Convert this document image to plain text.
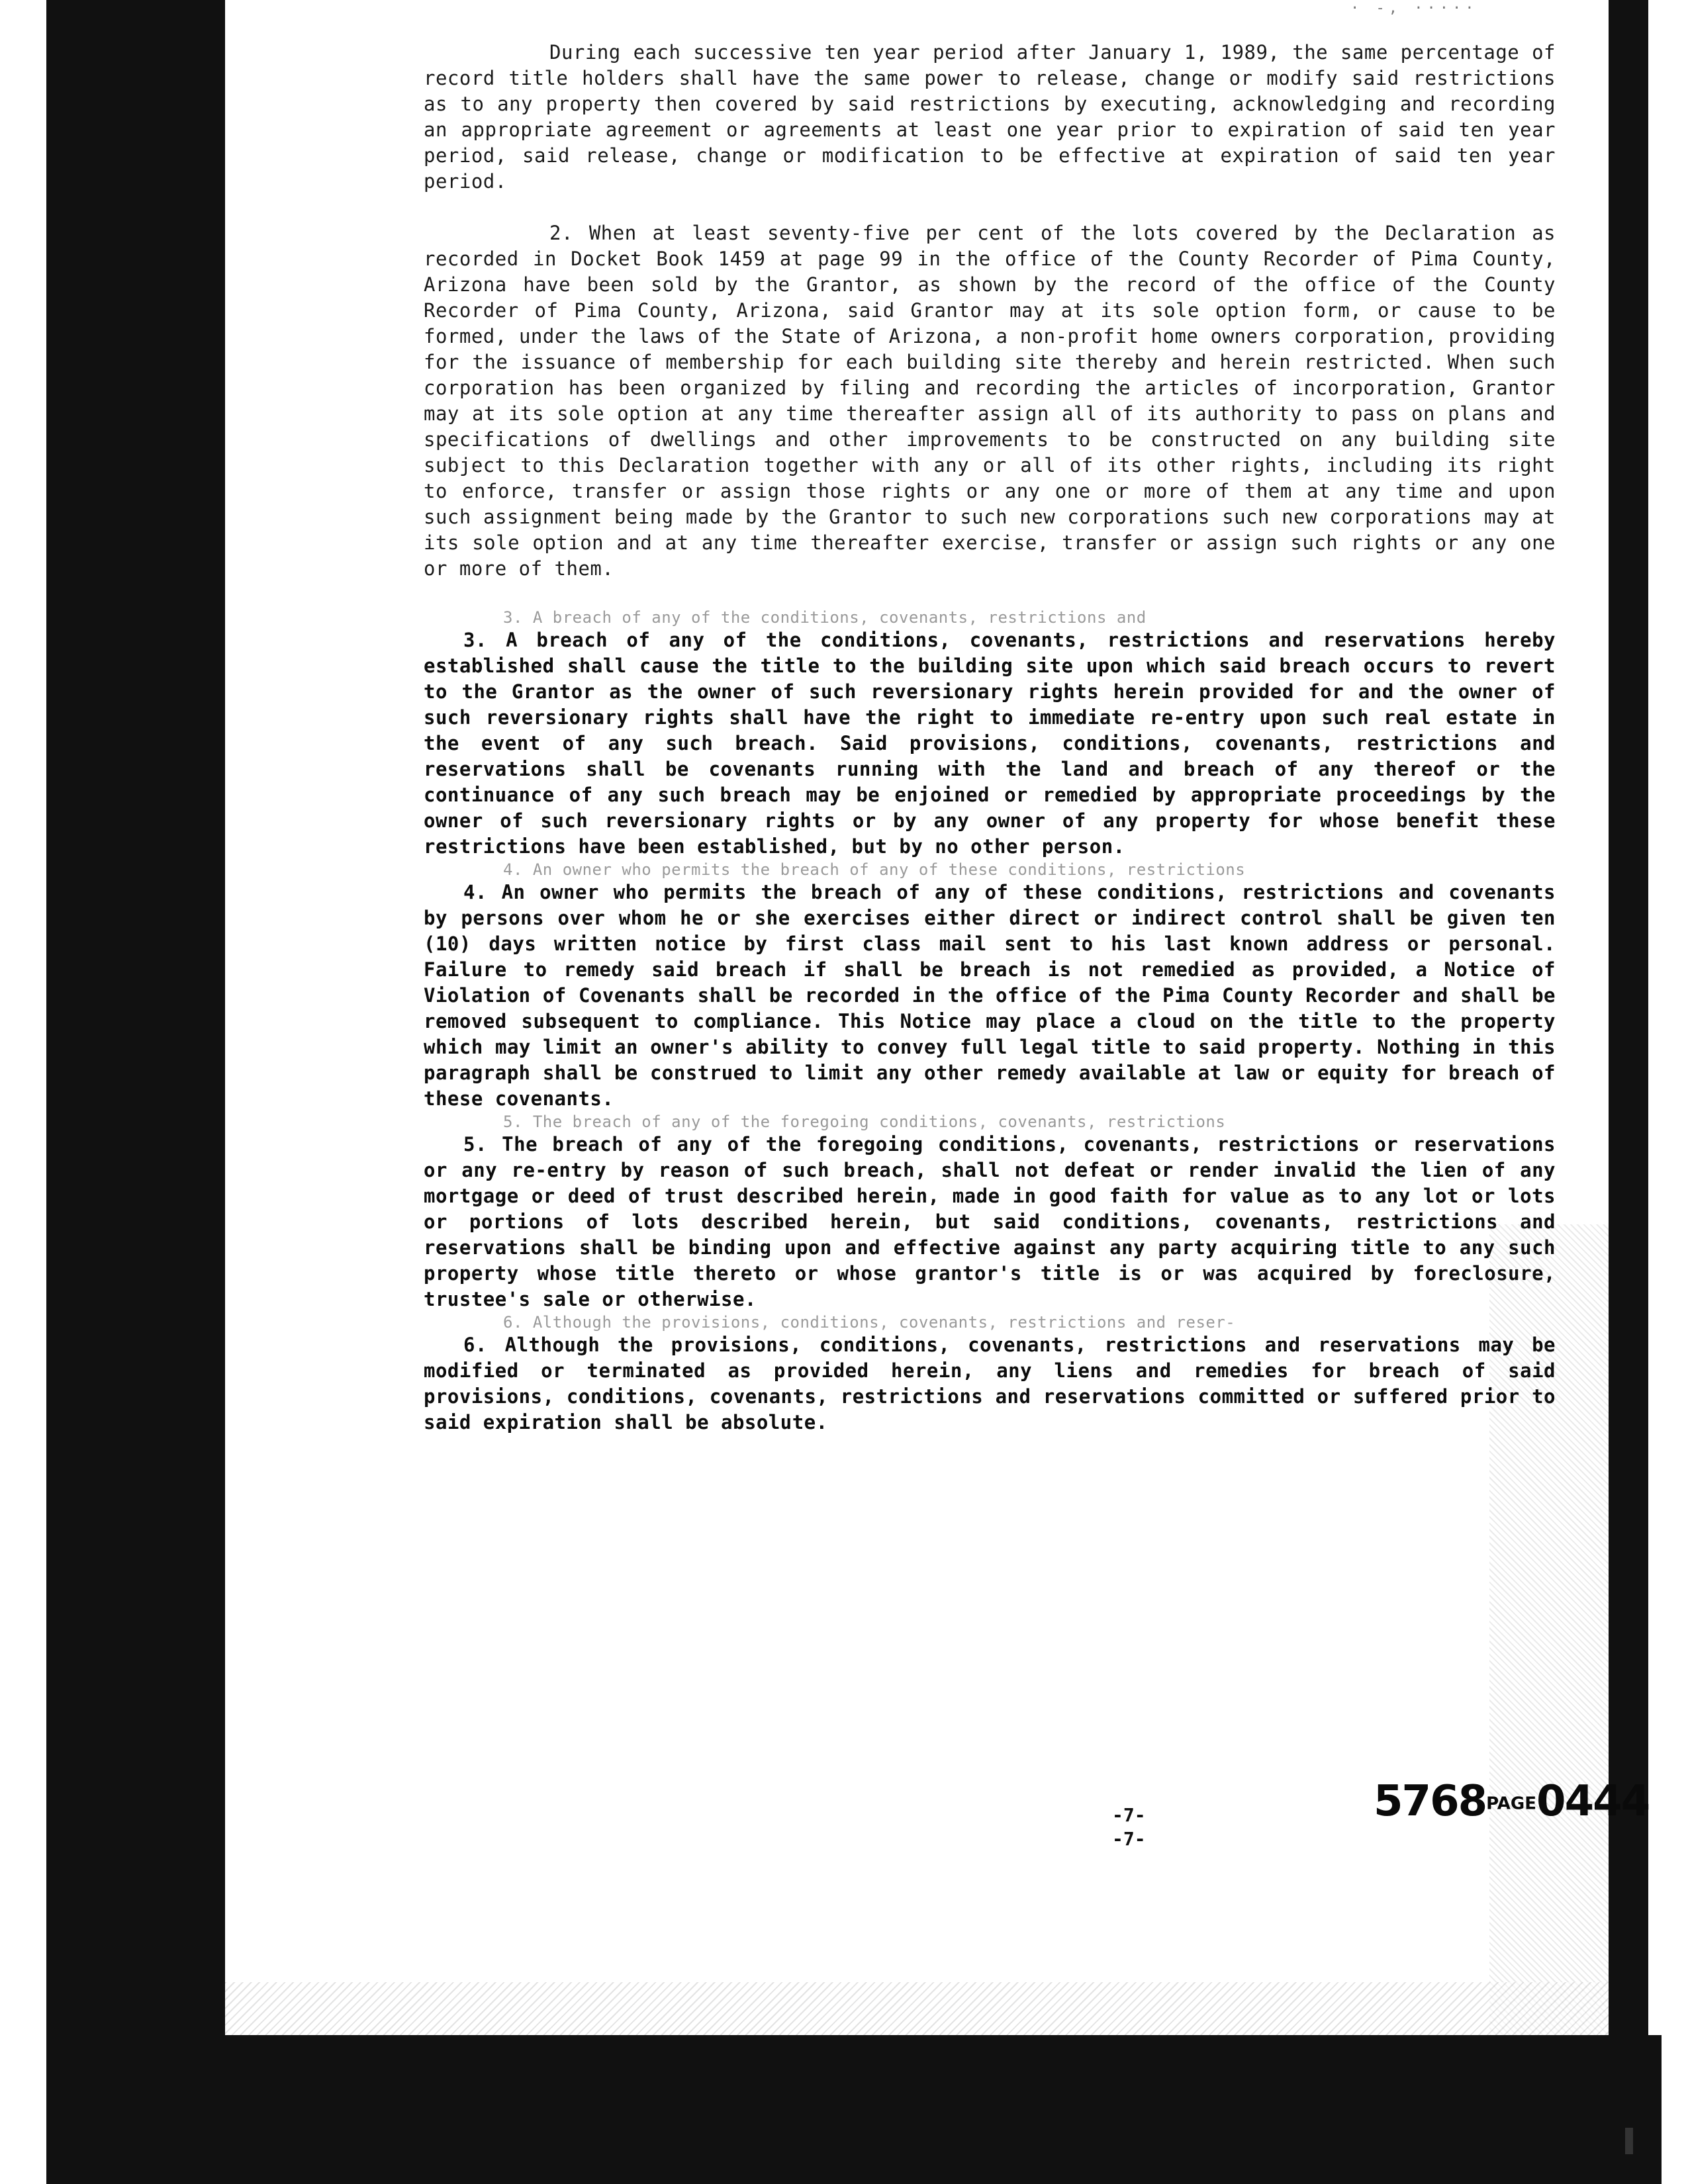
· -, ·····

During each successive ten year period after January 1, 1989, the same percentage of record title holders shall have the same power to release, change or modify said restrictions as to any property then covered by said restrictions by executing, acknowledging and recording an appropriate agreement or agreements at least one year prior to expiration of said ten year period, said release, change or modification to be effective at expiration of said ten year period.

2. When at least seventy-five per cent of the lots covered by the Declaration as recorded in Docket Book 1459 at page 99 in the office of the County Recorder of Pima County, Arizona have been sold by the Grantor, as shown by the record of the office of the County Recorder of Pima County, Arizona, said Grantor may at its sole option form, or cause to be formed, under the laws of the State of Arizona, a non-profit home owners corporation, providing for the issuance of membership for each building site thereby and herein restricted. When such corporation has been organized by filing and recording the articles of incorporation, Grantor may at its sole option at any time thereafter assign all of its authority to pass on plans and specifications of dwellings and other improvements to be constructed on any building site subject to this Declaration together with any or all of its other rights, including its right to enforce, transfer or assign those rights or any one or more of them at any time and upon such assignment being made by the Grantor to such new corporations such new corporations may at its sole option and at any time thereafter exercise, transfer or assign such rights or any one or more of them.

3. A breach of any of the conditions, covenants, restrictions and

3. A breach of any of the conditions, covenants, restrictions and reservations hereby established shall cause the title to the building site upon which said breach occurs to revert to the Grantor as the owner of such reversionary rights herein provided for and the owner of such reversionary rights shall have the right to immediate re-entry upon such real estate in the event of any such breach. Said provisions, conditions, covenants, restrictions and reservations shall be covenants running with the land and breach of any thereof or the continuance of any such breach may be enjoined or remedied by appropriate proceedings by the owner of such reversionary rights or by any owner of any property for whose benefit these restrictions have been established, but by no other person.

4. An owner who permits the breach of any of these conditions, restrictions

4. An owner who permits the breach of any of these conditions, restrictions and covenants by persons over whom he or she exercises either direct or indirect control shall be given ten (10) days written notice by first class mail sent to his last known address or personal. Failure to remedy said breach if shall be breach is not remedied as provided, a Notice of Violation of Covenants shall be recorded in the office of the Pima County Recorder and shall be removed subsequent to compliance. This Notice may place a cloud on the title to the property which may limit an owner's ability to convey full legal title to said property. Nothing in this paragraph shall be construed to limit any other remedy available at law or equity for breach of these covenants.

5. The breach of any of the foregoing conditions, covenants, restrictions

5. The breach of any of the foregoing conditions, covenants, restrictions or reservations or any re-entry by reason of such breach, shall not defeat or render invalid the lien of any mortgage or deed of trust described herein, made in good faith for value as to any lot or lots or portions of lots described herein, but said conditions, covenants, restrictions and reservations shall be binding upon and effective against any party acquiring title to any such property whose title thereto or whose grantor's title is or was acquired by foreclosure, trustee's sale or otherwise.

6. Although the provisions, conditions, covenants, restrictions and reser-

6. Although the provisions, conditions, covenants, restrictions and reservations may be modified or terminated as provided herein, any liens and remedies for breach of said provisions, conditions, covenants, restrictions and reservations committed or suffered prior to said expiration shall be absolute.

-7-
-7-
5768PAGE0444
